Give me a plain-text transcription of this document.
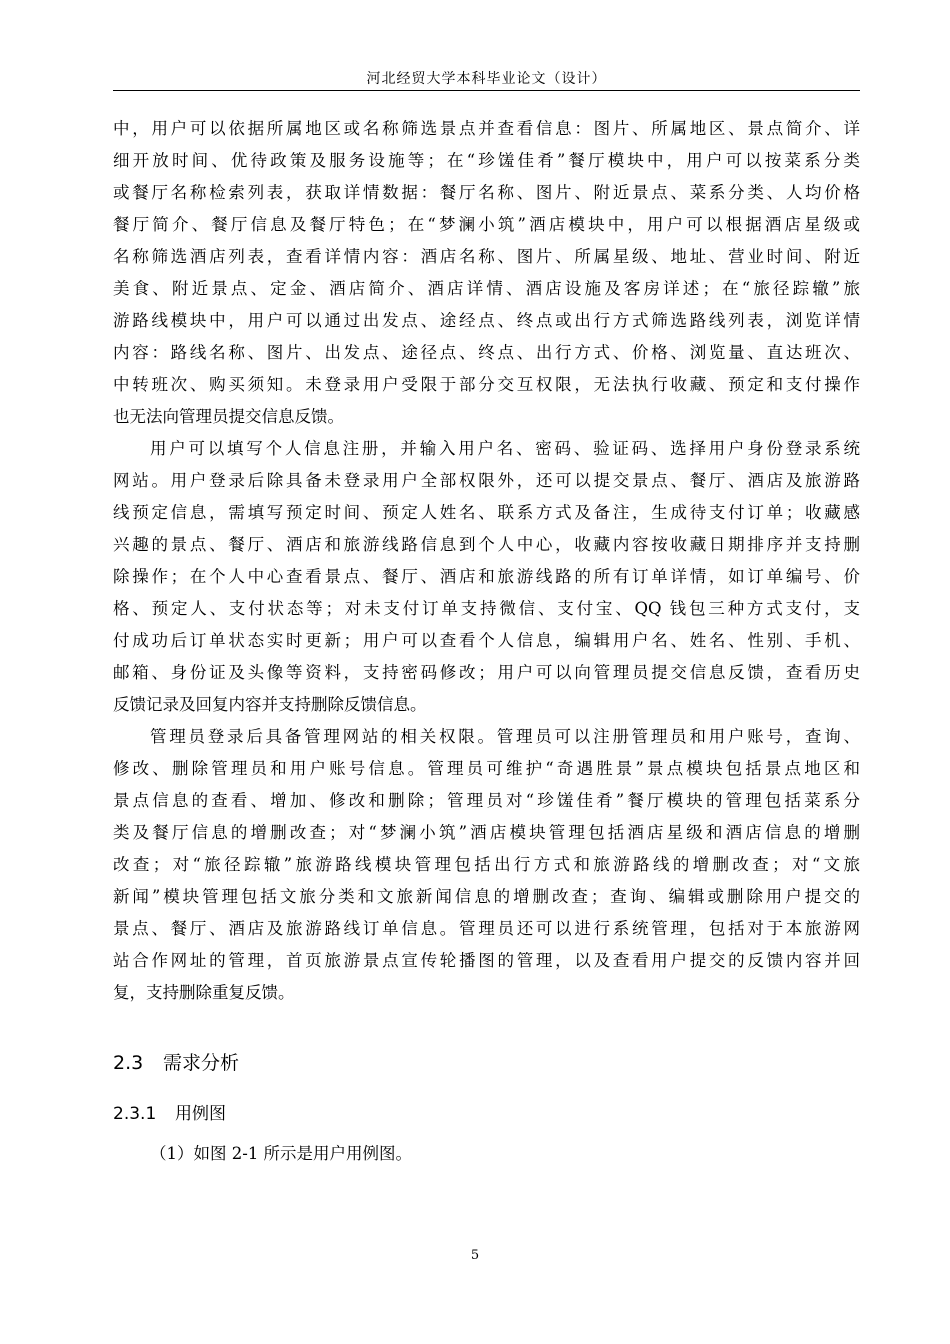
河北经贸大学本科毕业论文（设计）
中，用户可以依据所属地区或名称筛选景点并查看信息：图片、所属地区、景点简介、详
细开放时间、优待政策及服务设施等；在“珍馐佳肴”餐厅模块中，用户可以按菜系分类
或餐厅名称检索列表，获取详情数据：餐厅名称、图片、附近景点、菜系分类、人均价格
餐厅简介、餐厅信息及餐厅特色；在“梦澜小筑”酒店模块中，用户可以根据酒店星级或
名称筛选酒店列表，查看详情内容：酒店名称、图片、所属星级、地址、营业时间、附近
美食、附近景点、定金、酒店简介、酒店详情、酒店设施及客房详述；在“旅径踪辙”旅
游路线模块中，用户可以通过出发点、途经点、终点或出行方式筛选路线列表，浏览详情
内容：路线名称、图片、出发点、途径点、终点、出行方式、价格、浏览量、直达班次、
中转班次、购买须知。未登录用户受限于部分交互权限，无法执行收藏、预定和支付操作
也无法向管理员提交信息反馈。
用户可以填写个人信息注册，并输入用户名、密码、验证码、选择用户身份登录系统
网站。用户登录后除具备未登录用户全部权限外，还可以提交景点、餐厅、酒店及旅游路
线预定信息，需填写预定时间、预定人姓名、联系方式及备注，生成待支付订单；收藏感
兴趣的景点、餐厅、酒店和旅游线路信息到个人中心，收藏内容按收藏日期排序并支持删
除操作；在个人中心查看景点、餐厅、酒店和旅游线路的所有订单详情，如订单编号、价
格、预定人、支付状态等；对未支付订单支持微信、支付宝、QQ 钱包三种方式支付，支
付成功后订单状态实时更新；用户可以查看个人信息，编辑用户名、姓名、性别、手机、
邮箱、身份证及头像等资料，支持密码修改；用户可以向管理员提交信息反馈，查看历史
反馈记录及回复内容并支持删除反馈信息。
管理员登录后具备管理网站的相关权限。管理员可以注册管理员和用户账号，查询、
修改、删除管理员和用户账号信息。管理员可维护“奇遇胜景”景点模块包括景点地区和
景点信息的查看、增加、修改和删除；管理员对“珍馐佳肴”餐厅模块的管理包括菜系分
类及餐厅信息的增删改查；对“梦澜小筑”酒店模块管理包括酒店星级和酒店信息的增删
改查；对“旅径踪辙”旅游路线模块管理包括出行方式和旅游路线的增删改查；对“文旅
新闻”模块管理包括文旅分类和文旅新闻信息的增删改查；查询、编辑或删除用户提交的
景点、餐厅、酒店及旅游路线订单信息。管理员还可以进行系统管理，包括对于本旅游网
站合作网址的管理，首页旅游景点宣传轮播图的管理，以及查看用户提交的反馈内容并回
复，支持删除重复反馈。
2.3 需求分析
2.3.1 用例图
（1）如图 2-1 所示是用户用例图。
5
